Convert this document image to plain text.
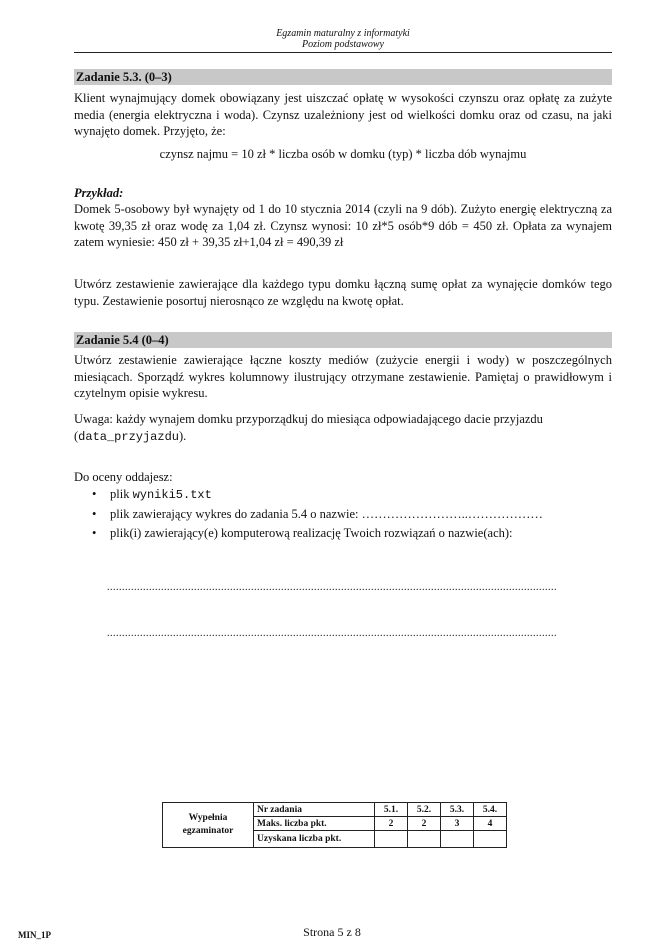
Egzamin maturalny z informatyki
Poziom podstawowy
Zadanie 5.3. (0–3)
Klient wynajmujący domek obowiązany jest uiszczać opłatę w wysokości czynszu oraz opłatę za zużyte media (energia elektryczna i woda). Czynsz uzależniony jest od wielkości domku oraz od czasu, na jaki wynajęto domek. Przyjęto, że:
czynsz najmu = 10 zł * liczba osób w domku (typ) * liczba dób wynajmu
Przykład:
Domek 5-osobowy był wynajęty od 1 do 10 stycznia 2014 (czyli na 9 dób). Zużyto energię elektryczną za kwotę 39,35 zł oraz wodę za 1,04 zł. Czynsz wynosi: 10 zł*5 osób*9 dób = 450 zł. Opłata za wynajem zatem wyniesie: 450 zł + 39,35 zł+1,04 zł = 490,39 zł
Utwórz zestawienie zawierające dla każdego typu domku łączną sumę opłat za wynajęcie domków tego typu. Zestawienie posortuj nierosnąco ze względu na kwotę opłat.
Zadanie 5.4 (0–4)
Utwórz zestawienie zawierające łączne koszty mediów (zużycie energii i wody) w poszczególnych miesiącach. Sporządź wykres kolumnowy ilustrujący otrzymane zestawienie. Pamiętaj o prawidłowym i czytelnym opisie wykresu.
Uwaga: każdy wynajem domku przyporządkuj do miesiąca odpowiadającego dacie przyjazdu (data_przyjazdu).
Do oceny oddajesz:
• plik wyniki5.txt
• plik zawierający wykres do zadania 5.4 o nazwie: ……………………..………………
• plik(i) zawierający(e) komputerową realizację Twoich rozwiązań o nazwie(ach):
......................................................................................................................................................
......................................................................................................................................................
Wypełnia egzaminator	Nr zadania	5.1.	5.2.	5.3.	5.4.
	Maks. liczba pkt.	2	2	3	4
	Uzyskana liczba pkt.				
MIN_1P	Strona 5 z 8
